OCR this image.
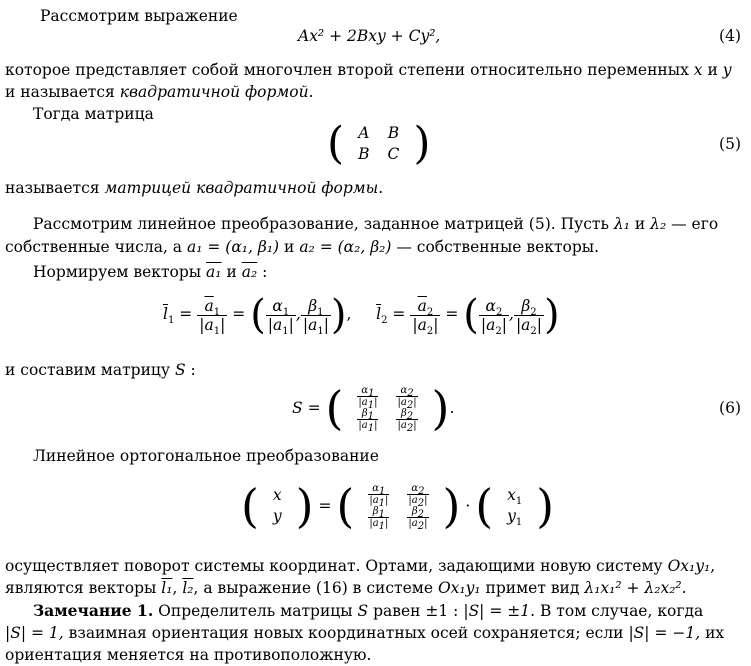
Рассмотрим выражение
Ax² + 2Bxy + Cy²,	(4)
которое представляет собой многочлен второй степени относительно переменных x и y
и называется квадратичной формой.
Тогда матрица
( A	B
B	C )	(5)
называется матрицей квадратичной формы.
Рассмотрим линейное преобразование, заданное матрицей (5). Пусть λ₁ и λ₂ — его
собственные числа, а a₁ = (α₁, β₁) и a₂ = (α₂, β₂) — собственные векторы.
Нормируем векторы a₁ и a₂ :
$\overline{l}_1 = \frac{\overline{a}_1}{|\overline{a}_1|}$ = ( $\frac{\alpha_1}{|\overline{a}_1|}$ , $\frac{\beta_1}{|\overline{a}_1|}$ ), $\overline{l}_2 = \frac{\overline{a}_2}{|\overline{a}_2|}$ = ( $\frac{\alpha_2}{|\overline{a}_2|}$ , $\frac{\beta_2}{|\overline{a}_2|}$ )
и составим матрицу S :
S = ( $\frac{\alpha_1}{|\overline{a}_1|}$	$\frac{\alpha_2}{|\overline{a}_2|}$

$\frac{\beta_1}{|\overline{a}_1|}$	$\frac{\beta_2}{|\overline{a}_2|}$ ).	(6)
Линейное ортогональное преобразование
( x
y ) = ( $\frac{\alpha_1}{|\overline{a}_1|}$	$\frac{\alpha_2}{|\overline{a}_2|}$

$\frac{\beta_1}{|\overline{a}_1|}$	$\frac{\beta_2}{|\overline{a}_2|}$ ) · ( $x_1$
$y_1$ )
осуществляет поворот системы координат. Ортами, задающими новую систему Ox₁y₁,
являются векторы l₁, l₂, а выражение (16) в системе Ox₁y₁ примет вид λ₁x₁² + λ₂x₂².
Замечание 1. Определитель матрицы S равен ±1 : |S| = ±1. В том случае, когда
|S| = 1, взаимная ориентация новых координатных осей сохраняется; если |S| = −1, их
ориентация меняется на противоположную.
